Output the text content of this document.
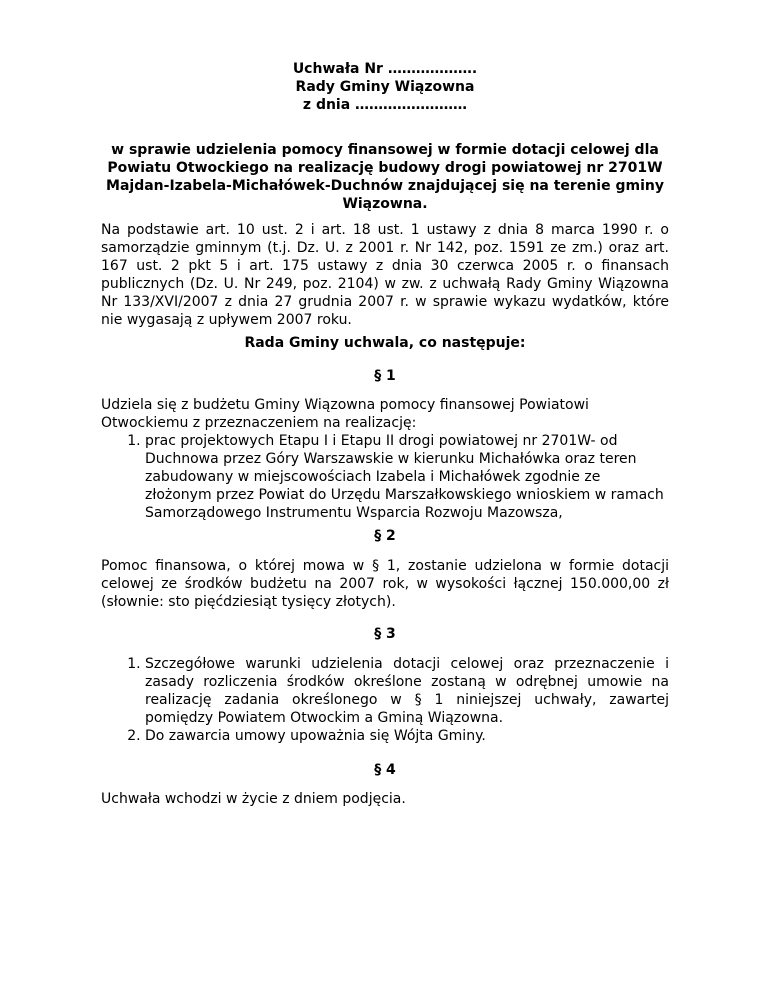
Uchwała Nr ……………….
Rady Gminy Wiązowna
z dnia ……………………
w sprawie udzielenia pomocy finansowej w formie dotacji celowej dla Powiatu Otwockiego na realizację budowy drogi powiatowej nr 2701W Majdan-Izabela-Michałówek-Duchnów znajdującej się na terenie gminy Wiązowna.
Na podstawie art. 10 ust. 2 i art. 18 ust. 1 ustawy z dnia 8 marca 1990 r. o samorządzie gminnym (t.j. Dz. U. z 2001 r. Nr 142, poz. 1591 ze zm.) oraz art. 167 ust. 2 pkt 5 i art. 175 ustawy z dnia 30 czerwca 2005 r. o finansach publicznych (Dz. U. Nr 249, poz. 2104) w zw. z uchwałą Rady Gminy Wiązowna Nr 133/XVI/2007 z dnia 27 grudnia 2007 r. w sprawie wykazu wydatków, które nie wygasają z upływem 2007 roku.
Rada Gminy uchwala, co następuje:
§ 1
Udziela się z budżetu Gminy Wiązowna pomocy finansowej Powiatowi Otwockiemu z przeznaczeniem na realizację:
1. prac projektowych Etapu I i Etapu II drogi powiatowej nr 2701W- od Duchnowa przez Góry Warszawskie w kierunku Michałówka oraz teren zabudowany w miejscowościach Izabela i Michałówek zgodnie ze złożonym przez Powiat do Urzędu Marszałkowskiego wnioskiem w ramach Samorządowego Instrumentu Wsparcia Rozwoju Mazowsza,
§ 2
Pomoc finansowa, o której mowa w § 1, zostanie udzielona w formie dotacji celowej ze środków budżetu na 2007 rok, w wysokości łącznej 150.000,00 zł (słownie: sto pięćdziesiąt tysięcy złotych).
§ 3
1. Szczegółowe warunki udzielenia dotacji celowej oraz przeznaczenie i zasady rozliczenia środków określone zostaną w odrębnej umowie na realizację zadania określonego w § 1 niniejszej uchwały, zawartej pomiędzy Powiatem Otwockim a Gminą Wiązowna.
2. Do zawarcia umowy upoważnia się Wójta Gminy.
§ 4
Uchwała wchodzi w życie z dniem podjęcia.
